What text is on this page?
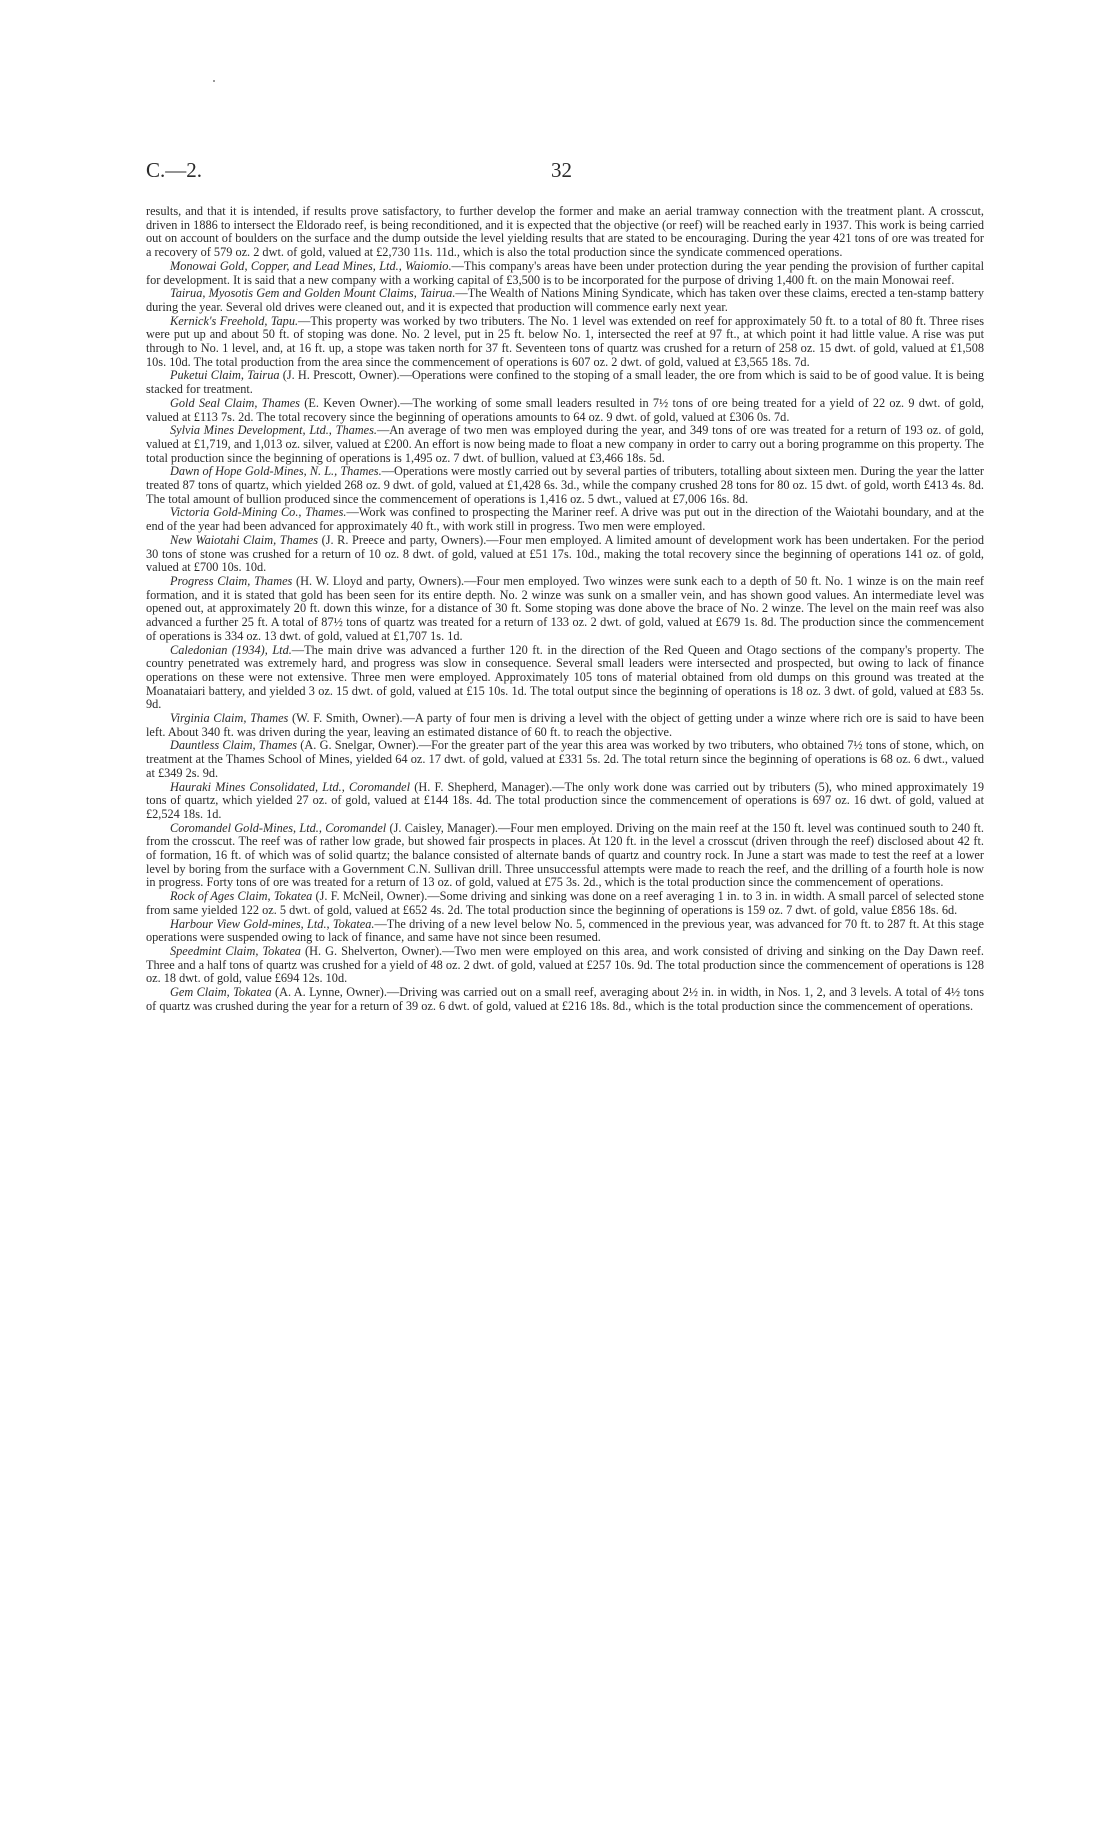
C.—2.	32

results, and that it is intended, if results prove satisfactory, to further develop the former and make an aerial tramway connection with the treatment plant. A crosscut, driven in 1886 to intersect the Eldorado reef, is being reconditioned, and it is expected that the objective (or reef) will be reached early in 1937. This work is being carried out on account of boulders on the surface and the dump outside the level yielding results that are stated to be encouraging. During the year 421 tons of ore was treated for a recovery of 579 oz. 2 dwt. of gold, valued at £2,730 11s. 11d., which is also the total production since the syndicate commenced operations.

Monowai Gold, Copper, and Lead Mines, Ltd., Waiomio.—This company's areas have been under protection during the year pending the provision of further capital for development. It is said that a new company with a working capital of £3,500 is to be incorporated for the purpose of driving 1,400 ft. on the main Monowai reef.

Tairua, Myosotis Gem and Golden Mount Claims, Tairua.—The Wealth of Nations Mining Syndicate, which has taken over these claims, erected a ten-stamp battery during the year. Several old drives were cleaned out, and it is expected that production will commence early next year.

Kernick's Freehold, Tapu.—This property was worked by two tributers. The No. 1 level was extended on reef for approximately 50 ft. to a total of 80 ft. Three rises were put up and about 50 ft. of stoping was done. No. 2 level, put in 25 ft. below No. 1, intersected the reef at 97 ft., at which point it had little value. A rise was put through to No. 1 level, and, at 16 ft. up, a stope was taken north for 37 ft. Seventeen tons of quartz was crushed for a return of 258 oz. 15 dwt. of gold, valued at £1,508 10s. 10d. The total production from the area since the commencement of operations is 607 oz. 2 dwt. of gold, valued at £3,565 18s. 7d.

Puketui Claim, Tairua (J. H. Prescott, Owner).—Operations were confined to the stoping of a small leader, the ore from which is said to be of good value. It is being stacked for treatment.

Gold Seal Claim, Thames (E. Keven Owner).—The working of some small leaders resulted in 7½ tons of ore being treated for a yield of 22 oz. 9 dwt. of gold, valued at £113 7s. 2d. The total recovery since the beginning of operations amounts to 64 oz. 9 dwt. of gold, valued at £306 0s. 7d.

Sylvia Mines Development, Ltd., Thames.—An average of two men was employed during the year, and 349 tons of ore was treated for a return of 193 oz. of gold, valued at £1,719, and 1,013 oz. silver, valued at £200. An effort is now being made to float a new company in order to carry out a boring programme on this property. The total production since the beginning of operations is 1,495 oz. 7 dwt. of bullion, valued at £3,466 18s. 5d.

Dawn of Hope Gold-Mines, N. L., Thames.—Operations were mostly carried out by several parties of tributers, totalling about sixteen men. During the year the latter treated 87 tons of quartz, which yielded 268 oz. 9 dwt. of gold, valued at £1,428 6s. 3d., while the company crushed 28 tons for 80 oz. 15 dwt. of gold, worth £413 4s. 8d. The total amount of bullion produced since the commencement of operations is 1,416 oz. 5 dwt., valued at £7,006 16s. 8d.

Victoria Gold-Mining Co., Thames.—Work was confined to prospecting the Mariner reef. A drive was put out in the direction of the Waiotahi boundary, and at the end of the year had been advanced for approximately 40 ft., with work still in progress. Two men were employed.

New Waiotahi Claim, Thames (J. R. Preece and party, Owners).—Four men employed. A limited amount of development work has been undertaken. For the period 30 tons of stone was crushed for a return of 10 oz. 8 dwt. of gold, valued at £51 17s. 10d., making the total recovery since the beginning of operations 141 oz. of gold, valued at £700 10s. 10d.

Progress Claim, Thames (H. W. Lloyd and party, Owners).—Four men employed. Two winzes were sunk each to a depth of 50 ft. No. 1 winze is on the main reef formation, and it is stated that gold has been seen for its entire depth. No. 2 winze was sunk on a smaller vein, and has shown good values. An intermediate level was opened out, at approximately 20 ft. down this winze, for a distance of 30 ft. Some stoping was done above the brace of No. 2 winze. The level on the main reef was also advanced a further 25 ft. A total of 87½ tons of quartz was treated for a return of 133 oz. 2 dwt. of gold, valued at £679 1s. 8d. The production since the commencement of operations is 334 oz. 13 dwt. of gold, valued at £1,707 1s. 1d.

Caledonian (1934), Ltd.—The main drive was advanced a further 120 ft. in the direction of the Red Queen and Otago sections of the company's property. The country penetrated was extremely hard, and progress was slow in consequence. Several small leaders were intersected and prospected, but owing to lack of finance operations on these were not extensive. Three men were employed. Approximately 105 tons of material obtained from old dumps on this ground was treated at the Moanataiari battery, and yielded 3 oz. 15 dwt. of gold, valued at £15 10s. 1d. The total output since the beginning of operations is 18 oz. 3 dwt. of gold, valued at £83 5s. 9d.

Virginia Claim, Thames (W. F. Smith, Owner).—A party of four men is driving a level with the object of getting under a winze where rich ore is said to have been left. About 340 ft. was driven during the year, leaving an estimated distance of 60 ft. to reach the objective.

Dauntless Claim, Thames (A. G. Snelgar, Owner).—For the greater part of the year this area was worked by two tributers, who obtained 7½ tons of stone, which, on treatment at the Thames School of Mines, yielded 64 oz. 17 dwt. of gold, valued at £331 5s. 2d. The total return since the beginning of operations is 68 oz. 6 dwt., valued at £349 2s. 9d.

Hauraki Mines Consolidated, Ltd., Coromandel (H. F. Shepherd, Manager).—The only work done was carried out by tributers (5), who mined approximately 19 tons of quartz, which yielded 27 oz. of gold, valued at £144 18s. 4d. The total production since the commencement of operations is 697 oz. 16 dwt. of gold, valued at £2,524 18s. 1d.

Coromandel Gold-Mines, Ltd., Coromandel (J. Caisley, Manager).—Four men employed. Driving on the main reef at the 150 ft. level was continued south to 240 ft. from the crosscut. The reef was of rather low grade, but showed fair prospects in places. At 120 ft. in the level a crosscut (driven through the reef) disclosed about 42 ft. of formation, 16 ft. of which was of solid quartz; the balance consisted of alternate bands of quartz and country rock. In June a start was made to test the reef at a lower level by boring from the surface with a Government C.N. Sullivan drill. Three unsuccessful attempts were made to reach the reef, and the drilling of a fourth hole is now in progress. Forty tons of ore was treated for a return of 13 oz. of gold, valued at £75 3s. 2d., which is the total production since the commencement of operations.

Rock of Ages Claim, Tokatea (J. F. McNeil, Owner).—Some driving and sinking was done on a reef averaging 1 in. to 3 in. in width. A small parcel of selected stone from same yielded 122 oz. 5 dwt. of gold, valued at £652 4s. 2d. The total production since the beginning of operations is 159 oz. 7 dwt. of gold, value £856 18s. 6d.

Harbour View Gold-mines, Ltd., Tokatea.—The driving of a new level below No. 5, commenced in the previous year, was advanced for 70 ft. to 287 ft. At this stage operations were suspended owing to lack of finance, and same have not since been resumed.

Speedmint Claim, Tokatea (H. G. Shelverton, Owner).—Two men were employed on this area, and work consisted of driving and sinking on the Day Dawn reef. Three and a half tons of quartz was crushed for a yield of 48 oz. 2 dwt. of gold, valued at £257 10s. 9d. The total production since the commencement of operations is 128 oz. 18 dwt. of gold, value £694 12s. 10d.

Gem Claim, Tokatea (A. A. Lynne, Owner).—Driving was carried out on a small reef, averaging about 2½ in. in width, in Nos. 1, 2, and 3 levels. A total of 4½ tons of quartz was crushed during the year for a return of 39 oz. 6 dwt. of gold, valued at £216 18s. 8d., which is the total production since the commencement of operations.
